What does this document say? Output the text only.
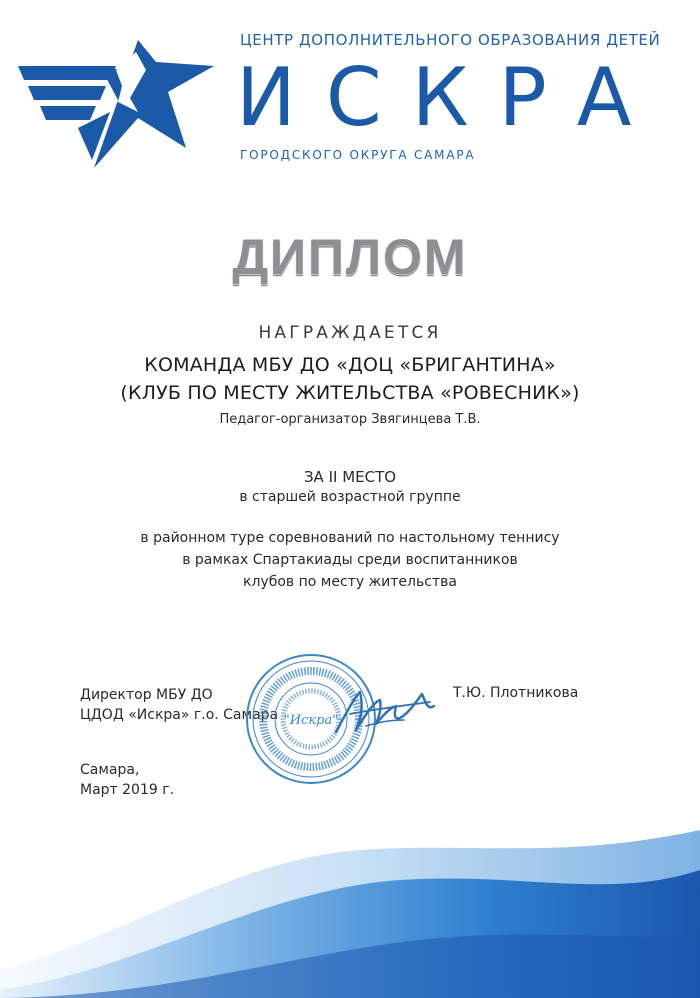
ЦЕНТР ДОПОЛНИТЕЛЬНОГО ОБРАЗОВАНИЯ ДЕТЕЙ
ИСКРА
ГОРОДСКОГО ОКРУГА САМАРА
ДИПЛОМ
НАГРАЖДАЕТСЯ
КОМАНДА МБУ ДО «ДОЦ «БРИГАНТИНА»
(КЛУБ ПО МЕСТУ ЖИТЕЛЬСТВА «РОВЕСНИК»)
Педагог-организатор Звягинцева Т.В.
ЗА II МЕСТО
в старшей возрастной группе
в районном туре соревнований по настольному теннису
в рамках Спартакиады среди воспитанников
клубов по месту жительства
Директор МБУ ДО
ЦДОД «Искра» г.о. Самара
Т.Ю. Плотникова
"Искра"
Самара,
Март 2019 г.
